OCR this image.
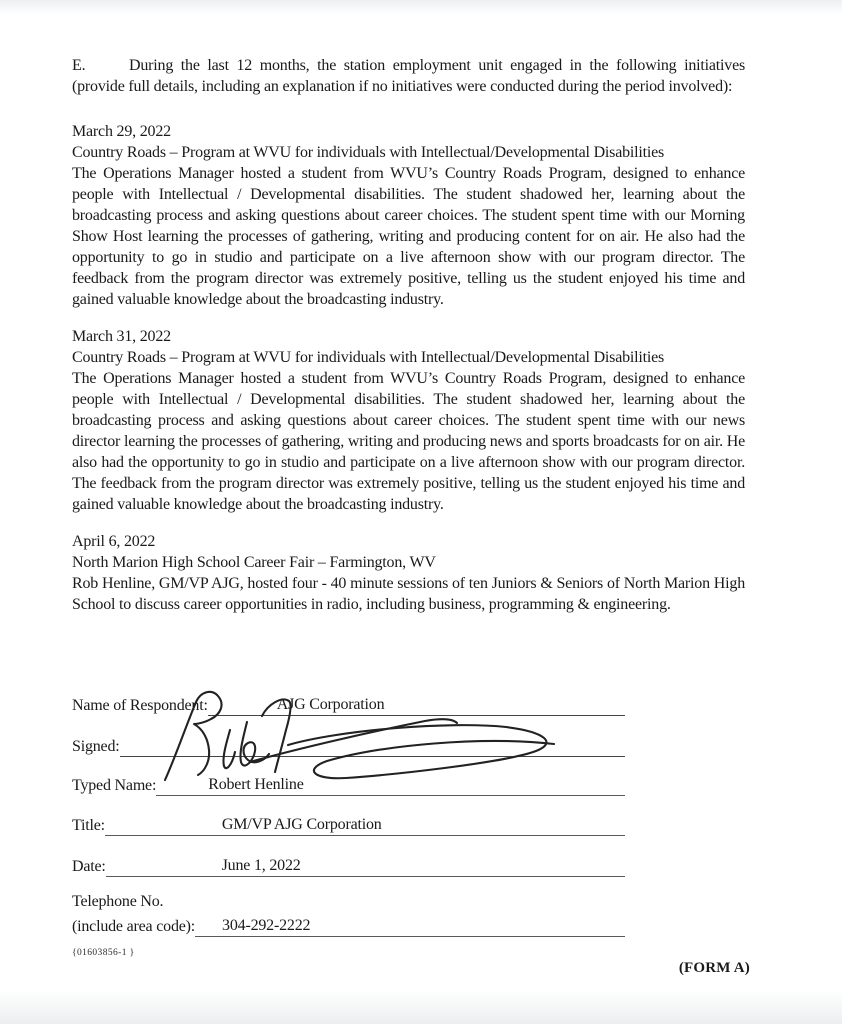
E.	During the last 12 months, the station employment unit engaged in the following initiatives (provide full details, including an explanation if no initiatives were conducted during the period involved):

March 29, 2022
Country Roads – Program at WVU for individuals with Intellectual/Developmental Disabilities

The Operations Manager hosted a student from WVU’s Country Roads Program, designed to enhance people with Intellectual / Developmental disabilities. The student shadowed her, learning about the broadcasting process and asking questions about career choices. The student spent time with our Morning Show Host learning the processes of gathering, writing and producing content for on air. He also had the opportunity to go in studio and participate on a live afternoon show with our program director. The feedback from the program director was extremely positive, telling us the student enjoyed his time and gained valuable knowledge about the broadcasting industry.

March 31, 2022
Country Roads – Program at WVU for individuals with Intellectual/Developmental Disabilities

The Operations Manager hosted a student from WVU’s Country Roads Program, designed to enhance people with Intellectual / Developmental disabilities. The student shadowed her, learning about the broadcasting process and asking questions about career choices. The student spent time with our news director learning the processes of gathering, writing and producing news and sports broadcasts for on air. He also had the opportunity to go in studio and participate on a live afternoon show with our program director. The feedback from the program director was extremely positive, telling us the student enjoyed his time and gained valuable knowledge about the broadcasting industry.

April 6, 2022
North Marion High School Career Fair – Farmington, WV

Rob Henline, GM/VP AJG, hosted four - 40 minute sessions of ten Juniors & Seniors of North Marion High School to discuss career opportunities in radio, including business, programming & engineering.

Name of Respondent:	AJG Corporation
Signed:
Typed Name:	Robert Henline
Title:	GM/VP AJG Corporation
Date:	June 1, 2022
Telephone No.
(include area code): 304-292-2222
{01603856-1 }
(FORM A)
